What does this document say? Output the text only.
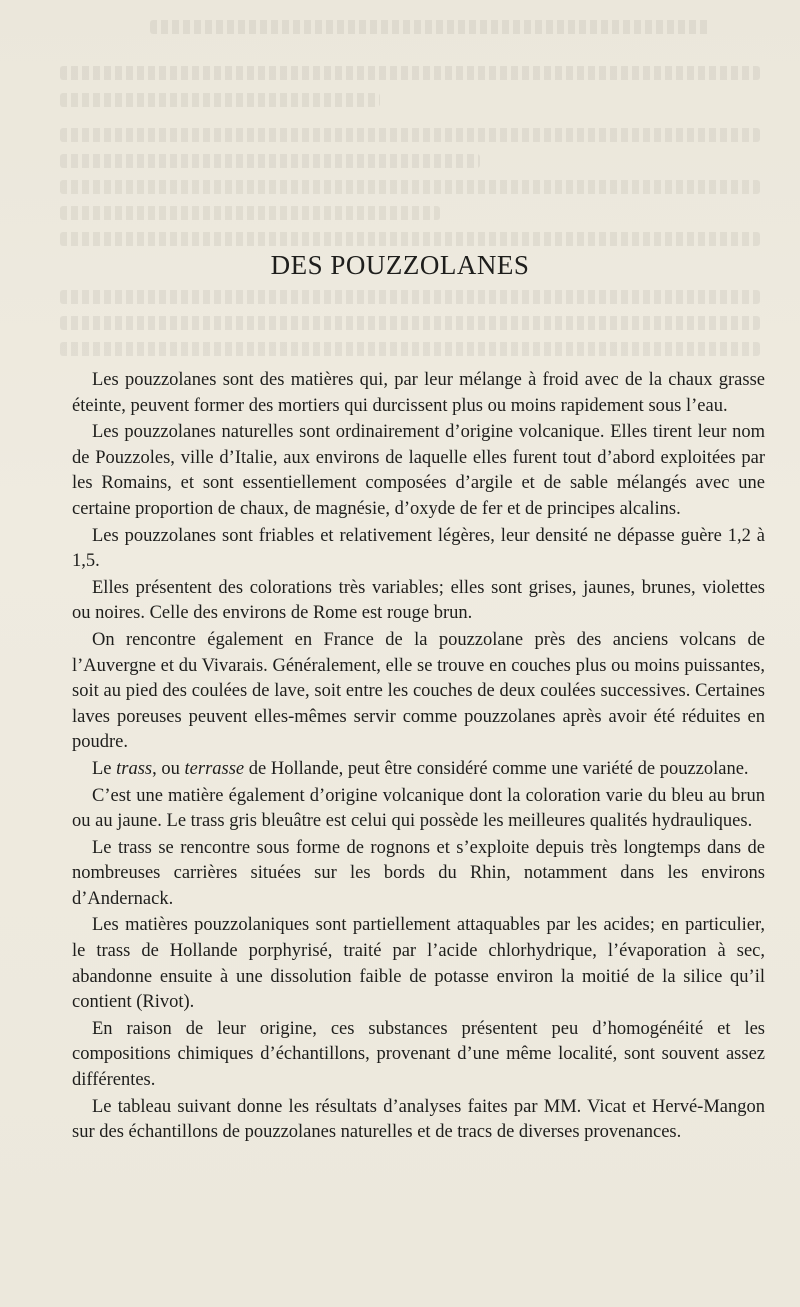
DES POUZZOLANES

Les pouzzolanes sont des matières qui, par leur mélange à froid avec de la chaux grasse éteinte, peuvent former des mortiers qui durcissent plus ou moins rapidement sous l’eau.

Les pouzzolanes naturelles sont ordinairement d’origine volcanique. Elles tirent leur nom de Pouzzoles, ville d’Italie, aux environs de laquelle elles furent tout d’abord exploitées par les Romains, et sont essentiellement composées d’argile et de sable mélangés avec une certaine proportion de chaux, de magnésie, d’oxyde de fer et de principes alcalins.

Les pouzzolanes sont friables et relativement légères, leur densité ne dépasse guère 1,2 à 1,5.

Elles présentent des colorations très variables; elles sont grises, jaunes, brunes, violettes ou noires. Celle des environs de Rome est rouge brun.

On rencontre également en France de la pouzzolane près des anciens volcans de l’Auvergne et du Vivarais. Généralement, elle se trouve en couches plus ou moins puissantes, soit au pied des coulées de lave, soit entre les couches de deux coulées successives. Certaines laves poreuses peuvent elles-mêmes servir comme pouzzolanes après avoir été réduites en poudre.

Le trass, ou terrasse de Hollande, peut être considéré comme une variété de pouzzolane.

C’est une matière également d’origine volcanique dont la coloration varie du bleu au brun ou au jaune. Le trass gris bleuâtre est celui qui possède les meilleures qualités hydrauliques.

Le trass se rencontre sous forme de rognons et s’exploite depuis très longtemps dans de nombreuses carrières situées sur les bords du Rhin, notamment dans les environs d’Andernack.

Les matières pouzzolaniques sont partiellement attaquables par les acides; en particulier, le trass de Hollande porphyrisé, traité par l’acide chlorhydrique, l’évaporation à sec, abandonne ensuite à une dissolution faible de potasse environ la moitié de la silice qu’il contient (Rivot).

En raison de leur origine, ces substances présentent peu d’homogénéité et les compositions chimiques d’échantillons, provenant d’une même localité, sont souvent assez différentes.

Le tableau suivant donne les résultats d’analyses faites par MM. Vicat et Hervé-Mangon sur des échantillons de pouzzolanes naturelles et de tracs de diverses provenances.
